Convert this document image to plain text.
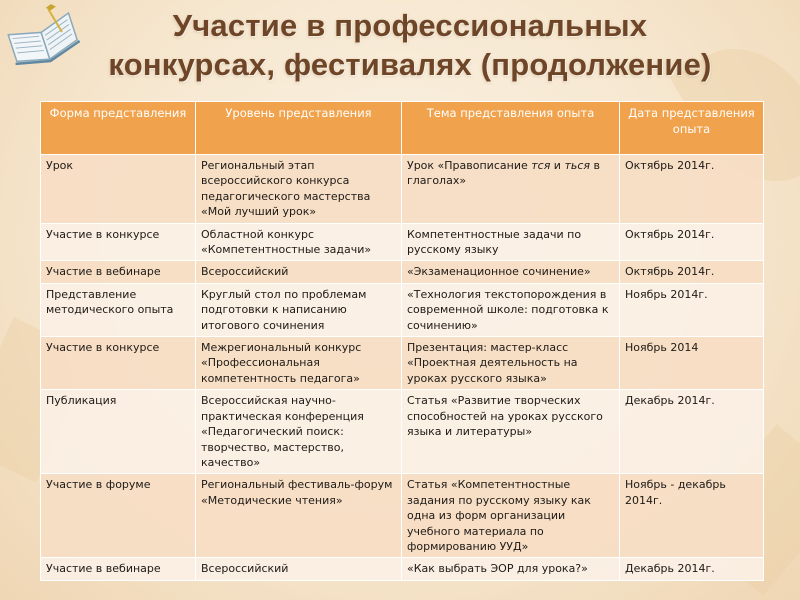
Участие в профессиональных
конкурсах, фестивалях (продолжение)
Форма представления	Уровень представления	Тема представления опыта	Дата представления опыта
Урок	Региональный этап всероссийского конкурса педагогического мастерства «Мой лучший урок»	Урок «Правописание тся и ться в глаголах»	Октябрь 2014г.
Участие в конкурсе	Областной конкурс «Компетентностные задачи»	Компетентностные задачи по русскому языку	Октябрь 2014г.
Участие в вебинаре	Всероссийский	«Экзаменационное сочинение»	Октябрь 2014г.
Представление методического опыта	Круглый стол по проблемам подготовки к написанию итогового сочинения	«Технология текстопорождения в современной школе: подготовка к сочинению»	Ноябрь 2014г.
Участие в конкурсе	Межрегиональный конкурс «Профессиональная компетентность педагога»	Презентация: мастер-класс «Проектная деятельность на уроках русского языка»	Ноябрь 2014
Публикация	Всероссийская научно-практическая конференция «Педагогический поиск: творчество, мастерство, качество»	Статья «Развитие творческих способностей на уроках русского языка и литературы»	Декабрь 2014г.
Участие в форуме	Региональный фестиваль-форум «Методические чтения»	Статья «Компетентностные задания по русскому языку как одна из форм организации учебного материала по формированию УУД»	Ноябрь - декабрь 2014г.
Участие в вебинаре	Всероссийский	«Как выбрать ЭОР для урока?»	Декабрь 2014г.
